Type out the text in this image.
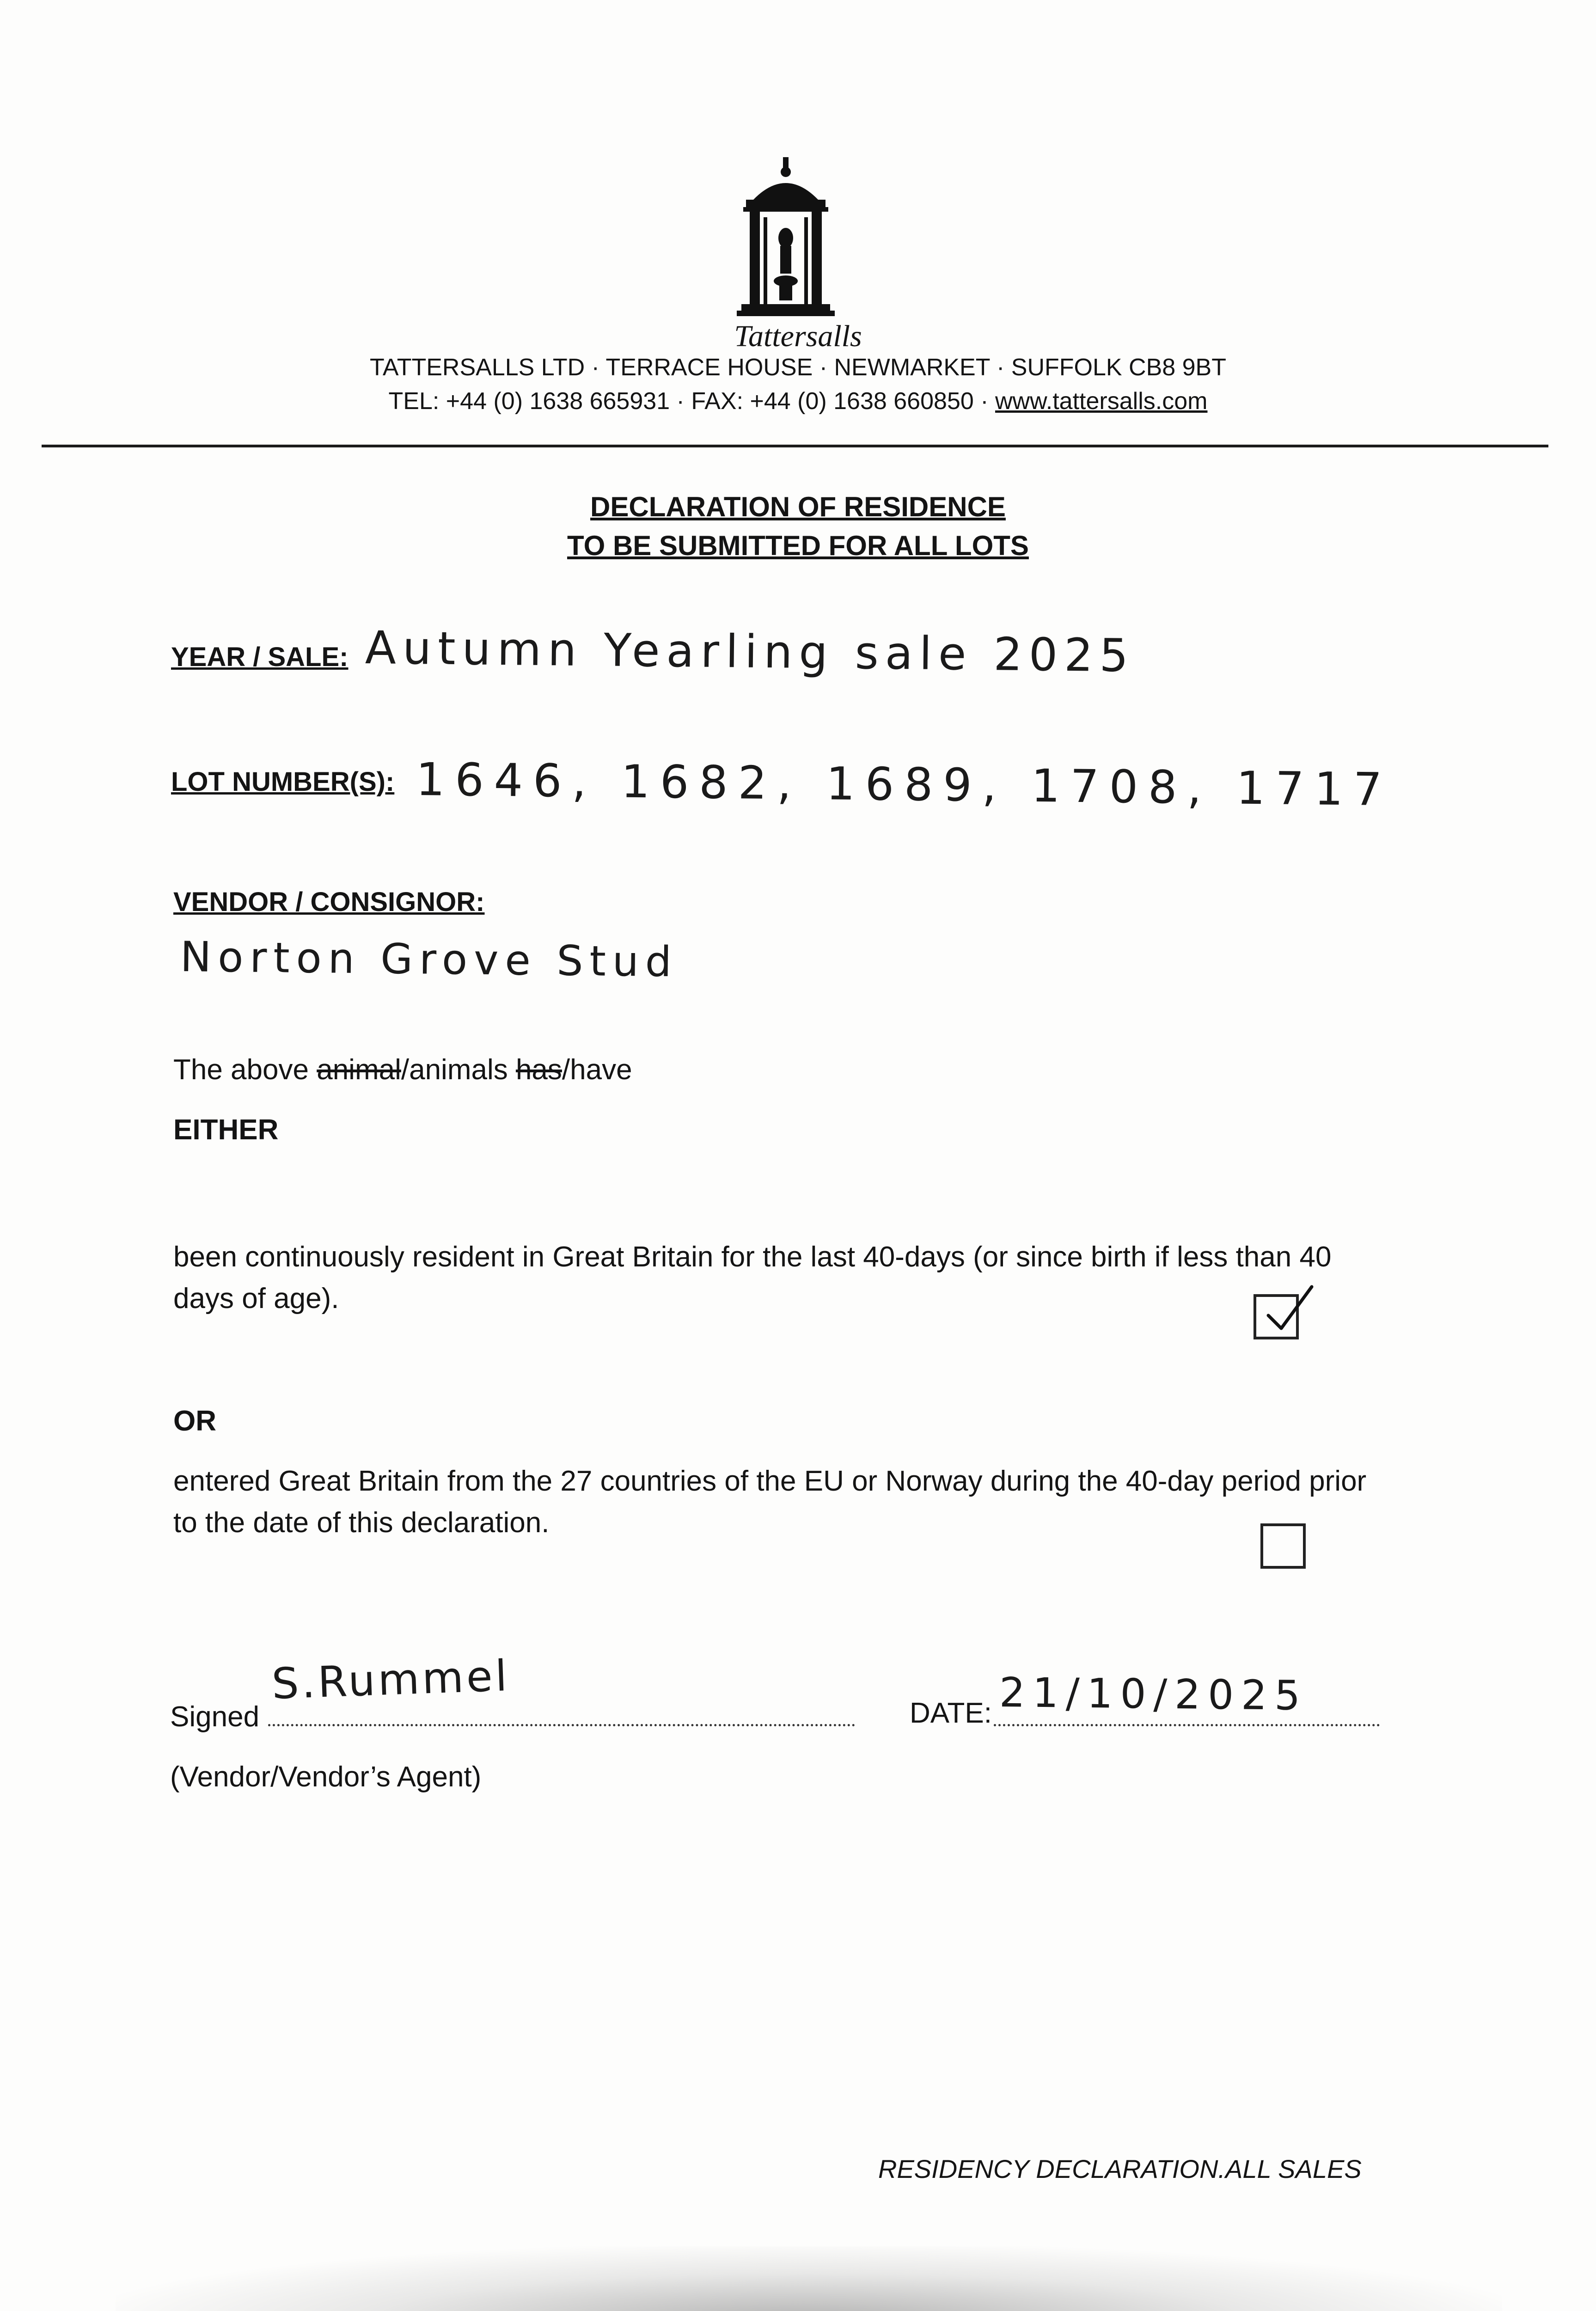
Tattersalls
TATTERSALLS LTD · TERRACE HOUSE · NEWMARKET · SUFFOLK CB8 9BT
TEL: +44 (0) 1638 665931 · FAX: +44 (0) 1638 660850 · www.tattersalls.com
DECLARATION OF RESIDENCE
TO BE SUBMITTED FOR ALL LOTS
YEAR / SALE: Autumn Yearling sale 2025
LOT NUMBER(S): 1646, 1682, 1689, 1708, 1717
VENDOR / CONSIGNOR:
Norton Grove Stud
The above animal/animals has/have
EITHER
been continuously resident in Great Britain for the last 40-days (or since birth if less than 40 days of age).
OR
entered Great Britain from the 27 countries of the EU or Norway during the 40-day period prior to the date of this declaration.
Signed
S.Rummel
DATE: 21/10/2025
(Vendor/Vendor’s Agent)
RESIDENCY DECLARATION.ALL SALES
